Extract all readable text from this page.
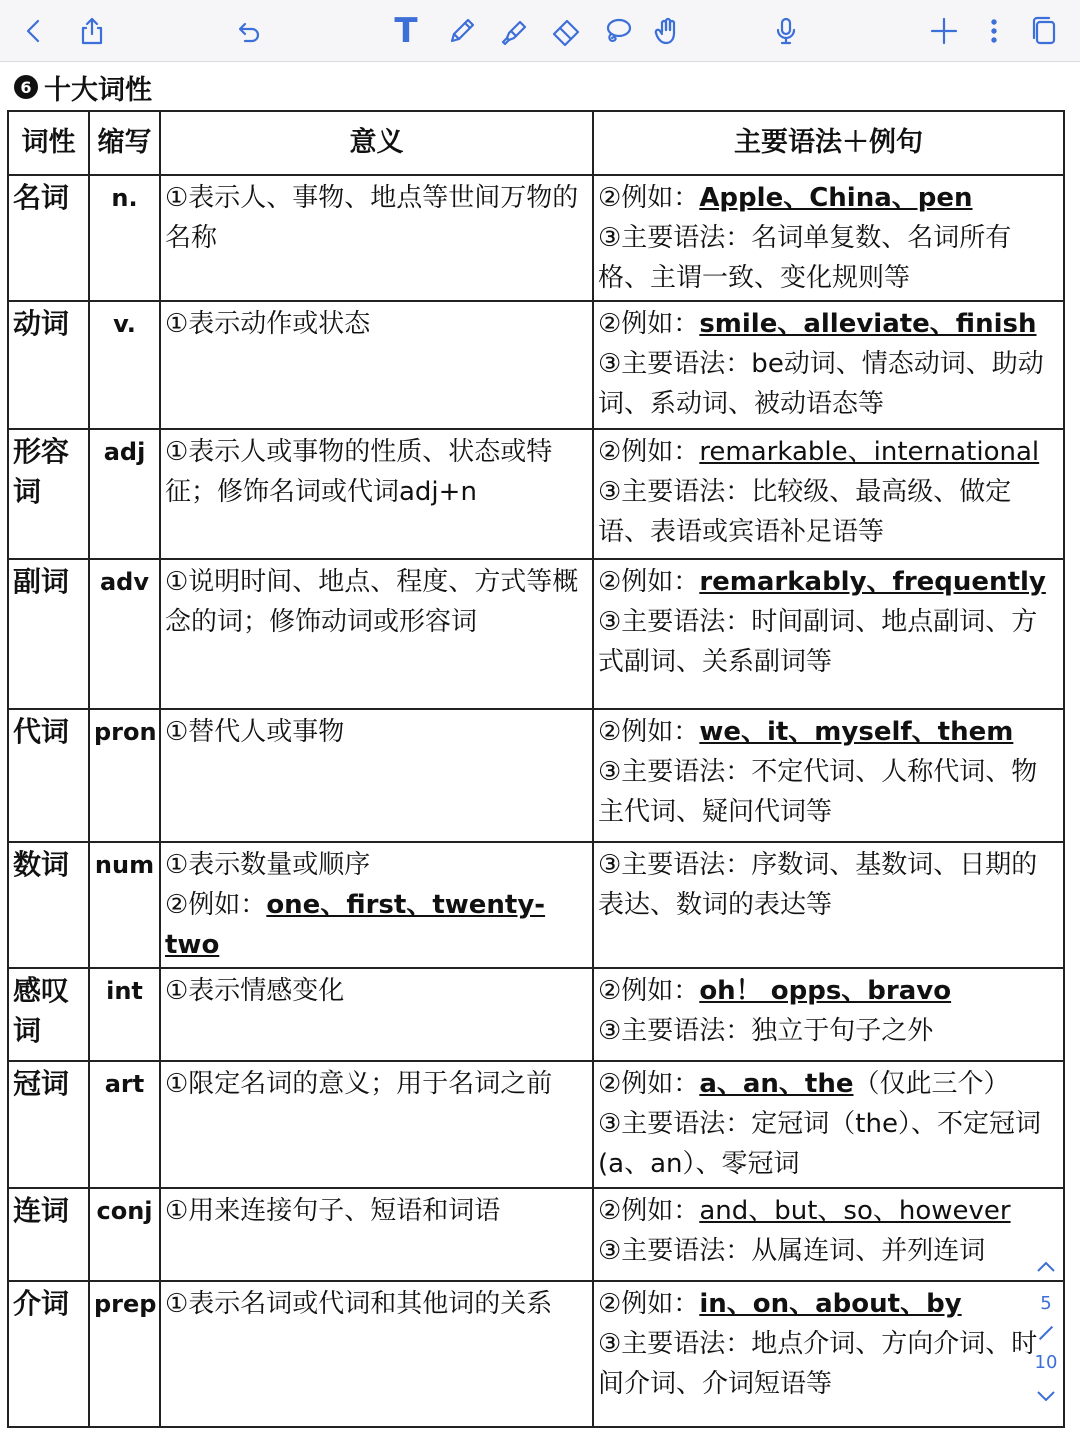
T
6 十大词性
词性	缩写	意义	主要语法＋例句
名词	n.	①表示人、事物、地点等世间万物的名称	②例如：Apple、China、pen
③主要语法：名词单复数、名词所有格、主谓一致、变化规则等

动词	v.	①表示动作或状态	②例如：smile、alleviate、finish
③主要语法：be动词、情态动词、助动词、系动词、被动语态等

形容词	adj	①表示人或事物的性质、状态或特征；修饰名词或代词adj+n	②例如：remarkable、international
③主要语法：比较级、最高级、做定语、表语或宾语补足语等

副词	adv	①说明时间、地点、程度、方式等概念的词；修饰动词或形容词	②例如：remarkably、frequently
③主要语法：时间副词、地点副词、方式副词、关系副词等

代词	pron	①替代人或事物	②例如：we、it、myself、them
③主要语法：不定代词、人称代词、物主代词、疑问代词等

数词	num	①表示数量或顺序
②例如：one、first、twenty-two	③主要语法：序数词、基数词、日期的表达、数词的表达等

感叹词	int	①表示情感变化	②例如：oh！ opps、bravo
③主要语法：独立于句子之外

冠词	art	①限定名词的意义；用于名词之前	②例如：a、an、the（仅此三个）
③主要语法：定冠词（the）、不定冠词(a、an）、零冠词

连词	conj	①用来连接句子、短语和词语	②例如：and、but、so、however
③主要语法：从属连词、并列连词

介词	prep	①表示名词或代词和其他词的关系	②例如：in、on、about、by
③主要语法：地点介词、方向介词、时间介词、介词短语等
5
10
